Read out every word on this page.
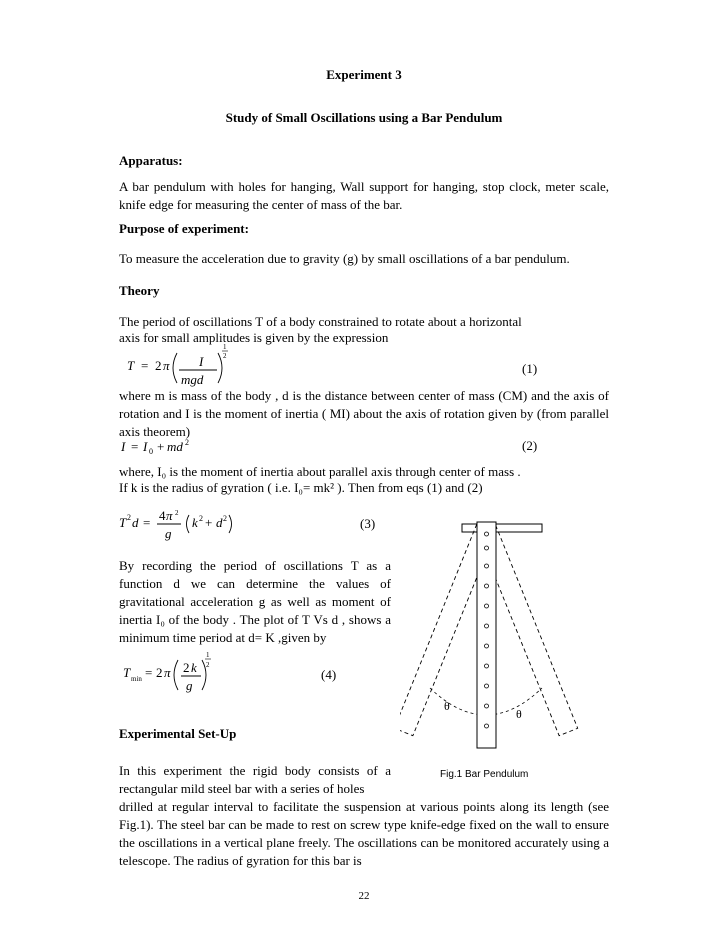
Experiment 3
Study of Small Oscillations using a Bar Pendulum
Apparatus:
A bar pendulum with holes for hanging, Wall support for hanging, stop clock, meter scale, knife edge for measuring the center of mass of the bar.
Purpose of experiment:
To measure the acceleration due to gravity (g) by small oscillations of a bar pendulum.
Theory
The period of oscillations T of a body constrained to rotate about a horizontal
axis for small amplitudes is given by the expression
T = 2 π I
mgd
1
2
(1)
where m is mass of the body , d is the distance between center of mass (CM) and the axis of rotation and I is the moment of inertia ( MI) about the axis of rotation given by (from parallel axis theorem)
I = I 0 + md 2	(2)
where, I₀ is the moment of inertia about parallel axis through center of mass .
If k is the radius of gyration ( i.e. I₀= mk² ). Then from eqs (1) and (2)
T 2 d = 4 π 2
g
k 2 + d 2	(3)
By recording the period of oscillations T as a function d we can determine the values of gravitational acceleration g as well as moment of inertia I₀ of the body . The plot of T Vs d , shows a minimum time period at d= K ,given by
T min = 2 π 2 k
g
1
2
(4)
Experimental Set-Up
In this experiment the rigid body consists of a rectangular mild steel bar with a series of holes
drilled at regular interval to facilitate the suspension at various points along its length (see Fig.1). The steel bar can be made to rest on screw type knife-edge fixed on the wall to ensure the oscillations in a vertical plane freely. The oscillations can be monitored accurately using a telescope. The radius of gyration for this bar is
θ
θ
Fig.1 Bar Pendulum
22
